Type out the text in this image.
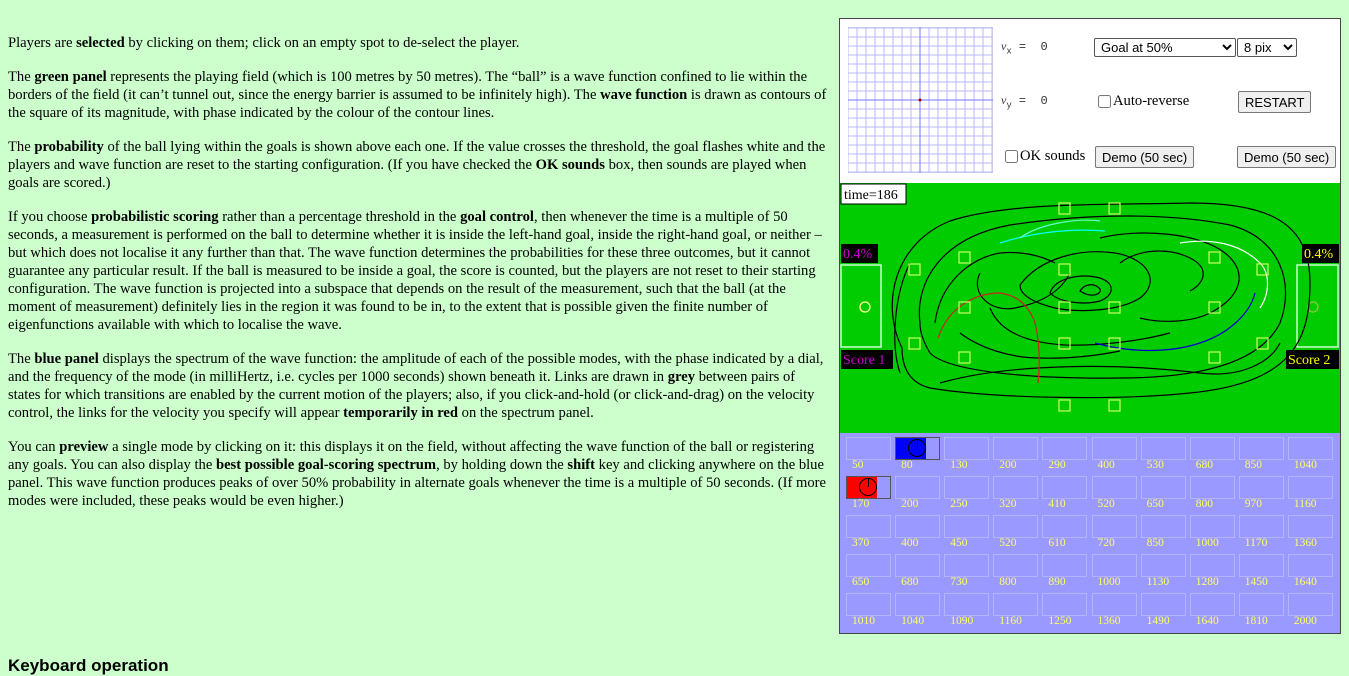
Players are selected by clicking on them; click on an empty spot to de-select the player.

The green panel represents the playing field (which is 100 metres by 50 metres). The “ball” is a wave function confined to lie within the borders of the field (it can’t tunnel out, since the energy barrier is assumed to be infinitely high). The wave function is drawn as contours of the square of its magnitude, with phase indicated by the colour of the contour lines.

The probability of the ball lying within the goals is shown above each one. If the value crosses the threshold, the goal flashes white and the players and wave function are reset to the starting configuration. (If you have checked the OK sounds box, then sounds are played when goals are scored.)

If you choose probabilistic scoring rather than a percentage threshold in the goal control, then whenever the time is a multiple of 50 seconds, a measurement is performed on the ball to determine whether it is inside the left-hand goal, inside the right-hand goal, or neither – but which does not localise it any further than that. The wave function determines the probabilities for these three outcomes, but it cannot guarantee any particular result. If the ball is measured to be inside a goal, the score is counted, but the players are not reset to their starting configuration. The wave function is projected into a subspace that depends on the result of the measurement, such that the ball (at the moment of measurement) definitely lies in the region it was found to be in, to the extent that is possible given the finite number of eigenfunctions available with which to localise the wave.

The blue panel displays the spectrum of the wave function: the amplitude of each of the possible modes, with the phase indicated by a dial, and the frequency of the mode (in milliHertz, i.e. cycles per 1000 seconds) shown beneath it. Links are drawn in grey between pairs of states for which transitions are enabled by the current motion of the players; also, if you click-and-hold (or click-and-drag) on the velocity control, the links for the velocity you specify will appear temporarily in red on the spectrum panel.

You can preview a single mode by clicking on it: this displays it on the field, without affecting the wave function of the ball or registering any goals. You can also display the best possible goal-scoring spectrum, by holding down the shift key and clicking anywhere on the blue panel. This wave function produces peaks of over 50% probability in alternate goals whenever the time is a multiple of 50 seconds. (If more modes were included, these peaks would be even higher.)

Keyboard operation
$v_x = 0$
$v_y = 0$
Goal at 50%
8 pix	Auto-reverse	RESTART
OK sounds	Demo (50 sec)	Demo (50 sec)
time=186
0.4%	0.4%
Score 1	Score 2
50	80	130	200	290	400	530	680	850	1040
170	200	250	320	410	520	650	800	970	1160
370	400	450	520	610	720	850	1000 1170 1360
650	680	730	800	890	1000 1130 1280 1450 1640
1010 1040 1090 1160 1250 1360 1490 1640 1810 2000
